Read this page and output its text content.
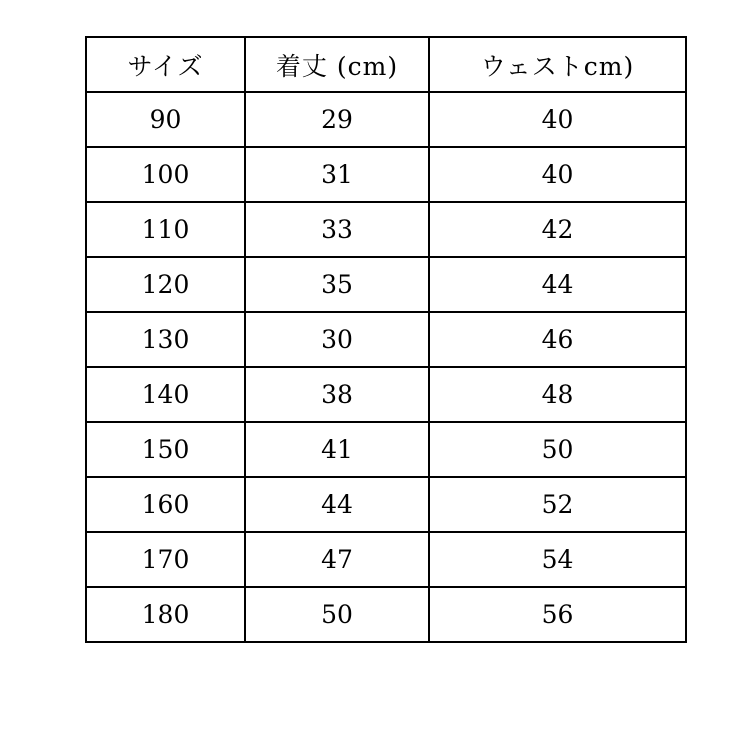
サイズ	着丈 (cm)	ウェストcm)
90	29	40
100	31	40
110	33	42
120	35	44
130	30	46
140	38	48
150	41	50
160	44	52
170	47	54
180	50	56
